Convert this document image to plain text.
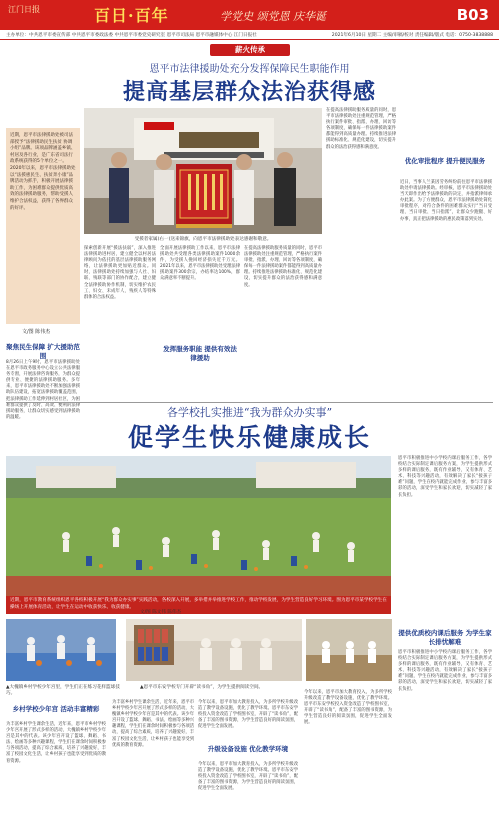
江门日报	百日·百年	学党史 颂党恩 庆华诞	B03
主办单位：中共恩平市委宣传部 中共恩平市委政法委 中共恩平市委党史研究室 恩平市司法局 恩平市融媒体中心 江门日报社	2021年6月10日 星期二 主编/审稿/校对 责任编辑/版式 电话：0750-3838888
薪火传承
恩平市法律援助处充分发挥保障民生职能作用
提高基层群众法治获得感
近期，恩平市法律援助处被司法部授予“法律援助民生扶贫 协调小组”品牌。该项品牌涵盖乡镇、村居及各行业，是广东省司法行政系统获得的5个单位之一。2020年以来，恩平市法律援助处以“法援惠民生、扶贫奔小康”品牌活动为抓手，积极开展法律援助工作，为困难群众提供优质高效的法律援助服务，帮助受援人维护合法权益，获得了各界群众的好评。
文/图 陈伟杰
受援者家属(右一)送来锦旗，向恩平市法律援助处表达感谢和敬意。
聚焦民生保障 扩大援助范围
8月26日上午9时，恩平市法律援助处在恩平市政务服务中心设立公共法律服务专窗，开展法律咨询服务，为群众提供专业、便捷的法律援助服务。多年来，恩平市法律援助处不断加强法律援助队伍建设，拓宽法律援助覆盖范围，把法律援助工作延伸到村居社区，为困难群众提供了及时、高效、便利的法律援助服务，让群众切实感受到法律援助的温暖。
探索创新开展“援法扶弱”，深入推进法律援助进村居，建立健全以村居法律顾问为依托的基层法律援助服务网络，让法律援助更加贴近群众。同时，法律援助处持续加强与人社、妇联、残联等部门的协作配合，建立健全法律援助协作机制，切实维护农民工、妇女、未成年人、残疾人等特殊群体的合法权益。
全面开展法律援助工作以来，恩平市法律援助处共受理各类法律援助案件1000余件，为受援人挽回经济损失近千万元。2021年以来，恩平市法律援助处受理法律援助案件300余宗，办结率达100%，群众满意率不断提升。
发挥服务职能 提供有效法律援助
在提高法律援助服务质量的同时，恩平市法律援助处注重规范管理，严格执行案件审批、指派、办理、回访等各项制度，确保每一件法律援助案件都能得到高质量办理。持续推进法律援助标准化、规范化建设，切实提升群众的法治获得感和满意度。
优化审批程序 提升便民服务
在提高法律援助服务质量的同时，恩平市法律援助处注重规范管理，严格执行案件审批、指派、办理、回访等各项制度，确保每一件法律援助案件都能得到高质量办理。持续推进法律援助标准化、规范化建设，切实提升群众的法治获得感和满意度。
近日，当事人兰某因劳务纠纷前往恩平市法律援助处申请法律援助。经审核，恩平市法律援助处当天即作出给予法律援助的决定，并指派律师承办此案。为了方便群众，恩平市法律援助处简化审批程序，对符合条件的困难群众实行“当日受理、当日审批、当日指派”，让群众少跑腿、好办事，真正把法律援助的惠民政策落到实处。
各学校扎实推进“我为群众办实事”
促学生快乐健康成长
近期，恩平市教育系统组织恩平各校积极开展“我为群众办实事”实践活动，各校深入开展，多举措并举推进学校工作，推动学校发展，为学生营造良好学习环境。图为恩平市某学校学生在操场上开展体育活动，让学生在运动中收获快乐、收获健康。
文/图 陈文伟 陈伟杰
▲大槐镇乡村学校少年宫里，学生们正在练习花样篮球技巧。
▲恩平市东安学校专门开辟“读书角”，为学生提供阅读空间。
乡村学校少年宫 活动丰富精彩
为丰富乡村学生课余生活，近年来，恩平市乡村学校少年宫开展了形式多样的活动，大槐镇乡村学校少年宫是其中的代表。该少年宫开设了篮球、舞蹈、书法、绘画等多种兴趣课程，学生们在课余时间积极参与各项活动，提高了综合素质，培养了兴趣爱好，丰富了校园文化生活，让乡村孩子也能享受到优质的教育资源。
为丰富乡村学生课余生活，近年来，恩平市乡村学校少年宫开展了形式多样的活动，大槐镇乡村学校少年宫是其中的代表。该少年宫开设了篮球、舞蹈、书法、绘画等多种兴趣课程，学生们在课余时间积极参与各项活动，提高了综合素质，培养了兴趣爱好，丰富了校园文化生活，让乡村孩子也能享受到优质的教育资源。	升级设备设施 优化教学环境
今年以来，恩平市加大教育投入，为多所学校升级改造了教学设备设施，优化了教学环境。恩平市东安学校投入资金改造了学校图书室，开辟了“读书角”，配备了丰富的图书资源，为学生营造良好的阅读氛围，促进学生全面发展。
今年以来，恩平市加大教育投入，为多所学校升级改造了教学设备设施，优化了教学环境。恩平市东安学校投入资金改造了学校图书室，开辟了“读书角”，配备了丰富的图书资源，为学生营造良好的阅读氛围，促进学生全面发展。
今年以来，恩平市加大教育投入，为多所学校升级改造了教学设备设施，优化了教学环境。恩平市东安学校投入资金改造了学校图书室，开辟了“读书角”，配备了丰富的图书资源，为学生营造良好的阅读氛围，促进学生全面发展。
恩平市积极推进中小学校内课后服务工作，各学校结合实际制定课后服务方案，为学生提供形式多样的课后服务，既有作业辅导，又有体育、艺术、科技等兴趣活动，有效解决了家长“接孩子难”问题，学生在校内就能完成作业，参与丰富多彩的活动，深受学生和家长欢迎，切实减轻了家长负担。
提供优质校内课后服务 为学生家长排忧解难
恩平市积极推进中小学校内课后服务工作，各学校结合实际制定课后服务方案，为学生提供形式多样的课后服务，既有作业辅导，又有体育、艺术、科技等兴趣活动，有效解决了家长“接孩子难”问题，学生在校内就能完成作业，参与丰富多彩的活动，深受学生和家长欢迎，切实减轻了家长负担。
